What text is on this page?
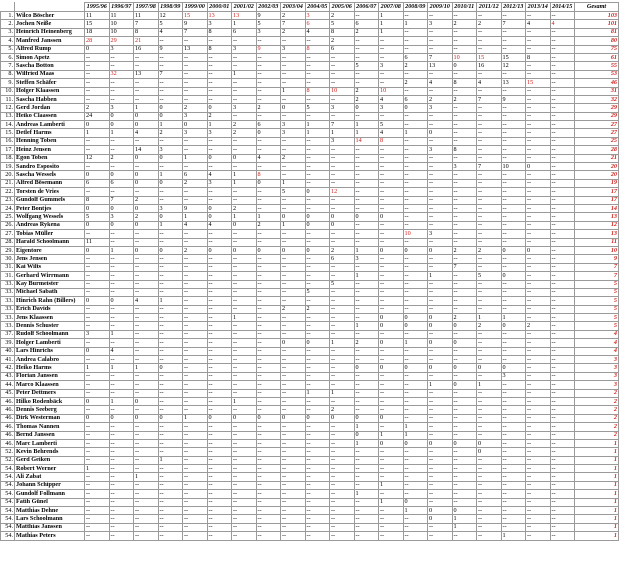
		1995/96	1996/97	1997/98	1998/99	1999/00	2000/01	2001/02	2002/03	2003/04	2004/05	2005/06	2006/07	2007/08	2008/09	2009/10	2010/11	2011/12	2012/13	2013/14	2014/15	Gesamt
1.	Wilco Böscher	11	11	11	12	15	13	13	9	2	3	2	--	1	--	--	--	--	--	--	--	103
2.	Jochen Neiße	15	10	7	5	9	3	1	5	7	6	5	6	1	1	3	2	2	7	4	4	101
3.	Heinrich Heinenberg	18	10	8	4	7	8	6	3	2	4	8	2	1	--	--	--	--	--	--	--	81
4.	Manfred Janssen	28	29	21	--	--	--	--	--	--	--	2	--	--	--	--	--	--	--	--	--	80
5.	Alfred Rump	0	3	16	9	13	8	3	9	3	8	6	--	--	--	--	--	--	--	--	--	75
6.	Simon Apetz	--	--	--	--	--	--	--	--	--	--	--	--	--	6	7	10	15	15	8	--	61
7.	Sascha Botton	--	--	--	--	--	--	--	--	--	--	--	5	3	2	13	0	16	12	--	--	55
8.	Wilfried Maas	--	32	13	7	--	--	1	--	--	--	--	--	--	--	--	--	--	--	--	--	53
9.	Steffen Schäfer	--	--	--	--	--	--	--	--	--	--	--	--	--	2	4	8	4	13	15	--	46
10.	Holger Klaassen	--	--	--	--	--	--	--	--	1	8	10	2	10	--	--	--	--	--	--	--	31
11.	Sascha Habben	--	--	--	--	--	--	--	--	--	--	--	2	4	6	2	2	7	9	--	--	32
12.	Gerd Jordan	2	3	1	0	2	0	3	2	0	5	3	0	3	0	3	--	--	--	--	--	29
13.	Heiko Claassen	24	0	0	0	3	2	--	--	--	--	--	--	--	--	--	--	--	--	--	--	29
14.	Andreas Lamberti	0	0	0	1	0	1	2	6	3	1	7	1	5	--	--	--	--	--	--	--	27
15.	Detlef Harms	1	1	4	2	3	3	2	0	3	1	1	1	4	1	0	--	--	--	--	--	27
16.	Henning Toben	--	--	--	--	--	--	--	--	--	--	3	14	8	--	--	--	--	--	--	--	25
17.	Heinz Jensen	--	--	14	3	--	--	--	--	--	--	--	--	--	--	3	8	--	--	--	--	28
18.	Egon Toben	12	2	0	0	1	0	0	4	2	--	--	--	--	--	--	--	--	--	--	--	21
19.	Sandro Esposito	--	--	--	--	--	--	--	--	--	--	--	--	--	--	--	3	7	10	0	--	20
20.	Sascha Wessels	0	0	0	1	6	4	1	8	--	--	--	--	--	--	--	--	--	--	--	--	20
21.	Alfred Bösemann	6	6	0	0	2	3	1	0	1	--	--	--	--	--	--	--	--	--	--	--	19
22.	Torsten de Vries	--	--	--	--	--	--	--	--	5	0	12	--	--	--	--	--	--	--	--	--	17
23.	Gundolf Gummels	8	7	2	--	--	--	--	--	--	--	--	--	--	--	--	--	--	--	--	--	17
24.	Peter Bontjes	0	0	0	3	9	0	2	--	--	--	--	--	--	--	--	--	--	--	--	--	14
25.	Wolfgang Wessels	5	3	2	0	1	0	1	1	0	0	0	0	0	--	--	--	--	--	--	--	13
26.	Andreas Rykena	0	0	0	1	4	4	0	2	1	0	0	--	--	--	--	--	--	--	--	--	12
27.	Tobias Müller	--	--	--	--	--	--	--	--	--	--	--	--	--	10	3	--	--	--	--	--	13
28.	Harald Schoolmann	11	--	--	--	--	--	--	--	--	--	--	--	--	--	--	--	--	--	--	--	11
29.	Eigentore	0	1	0	0	2	0	0	0	0	0	2	1	0	0	0	2	2	0	0	--	10
30.	Jens Jensen	--	--	--	--	--	--	--	--	--	--	6	3	--	--	--	--	--	--	--	--	9
31.	Kai Wilts	--	--	--	--	--	--	--	--	--	--	--	--	--	--	--	7	--	--	--	--	7
31.	Gerhard Wirrmann	--	--	--	--	--	--	--	--	--	--	--	1	--	--	1	--	5	0	--	--	7
33.	Kay Burmeister	--	--	--	--	--	--	--	--	--	--	5	--	--	--	--	--	--	--	--	--	5
33.	Michael Sabath	--	--	--	--	--	--	--	--	--	5	--	--	--	--	--	--	--	--	--	--	5
33.	Hinrich Rahn (Billers)	0	0	4	1	--	--	--	--	--	--	--	--	--	--	--	--	--	--	--	--	5
33.	Erich Davids	--	--	--	--	--	--	--	--	2	2	--	--	--	--	--	--	--	--	--	--	5
33.	Jens Klaassen	--	--	--	--	--	--	1	--	--	--	--	--	0	0	0	2	1	1	--	--	5
33.	Dennis Schuster	--	--	--	--	--	--	--	--	--	--	--	1	0	0	0	0	2	0	2	--	5
37.	Rudolf Schoolmann	3	1	--	--	--	--	--	--	--	--	--	--	--	--	--	--	--	--	--	--	4
39.	Holger Lamberti	--	--	--	--	--	--	--	--	0	0	1	2	0	1	0	0	--	--	--	--	4
40.	Lars Hinrichs	0	4	--	--	--	--	--	--	--	--	--	--	--	--	--	--	--	--	--	--	4
41.	Andrea Calabro	--	--	--	--	--	--	--	--	--	--	--	--	--	--	--	--	--	--	--	--	3
42.	Heiko Harms	1	1	1	0	--	--	--	--	--	--	--	0	0	0	0	0	0	0	--	--	3
43.	Florian Janssen	--	--	--	--	--	--	--	--	--	--	--	--	--	--	--	--	--	3	--	--	3
44.	Marco Klaassen	--	--	--	--	--	--	--	--	--	--	--	--	--	--	1	0	1	--	--	--	3
45.	Peter Dettmers	--	--	--	--	--	--	--	--	--	1	1	--	--	--	--	--	--	--	--	--	2
46.	Hilko Rodenbäck	0	1	0	--	--	--	1	--	--	--	--	--	--	--	--	--	--	--	--	--	2
46.	Dennis Seeberg	--	--	--	--	--	--	--	--	--	--	2	--	--	--	--	--	--	--	--	--	2
46.	Dirk Westerman	0	0	0	0	1	0	0	0	0	0	0	0	0	--	--	--	--	--	--	--	2
46.	Thomas Nannen	--	--	--	--	--	--	--	--	--	--	--	1	--	1	--	--	--	--	--	--	2
46.	Bernd Janssen	--	--	--	--	--	--	--	--	--	--	--	0	1	1	--	--	--	--	--	--	2
46.	Marc Lamberti	--	--	--	--	--	--	--	--	--	--	--	1	0	0	0	0	0	--	--	--	1
52.	Kevin Behrends	--	--	--	--	--	--	--	--	--	--	--	--	--	--	--	--	0	--	--	--	1
52.	Gerd Geiken	--	--	--	1	--	--	--	--	--	--	--	--	--	--	--	--	--	--	--	--	1
54.	Robert Werner	1	--	--	--	--	--	--	--	--	--	--	--	--	--	--	--	--	--	--	--	1
54.	Ali Zabat	--	--	1	--	--	--	--	--	--	--	--	--	--	--	--	--	--	--	--	--	1
54.	Johann Schipper	--	--	--	--	--	--	--	--	--	--	--	--	1	--	--	--	--	--	--	--	1
54.	Gundolf Follmann	--	--	--	--	--	--	--	--	--	--	--	1	--	--	--	--	--	--	--	--	1
54.	Fatih Günel	--	--	--	--	--	--	--	--	--	--	--	--	1	0	--	--	--	--	--	--	1
54.	Matthias Dehne	--	--	--	--	--	--	--	--	--	--	--	--	--	1	0	0	--	--	--	--	1
54.	Lars Schoolmann	--	--	--	--	--	--	--	--	--	--	--	--	--	--	0	1	--	--	--	--	1
54.	Matthias Janssen	--	--	--	--	--	--	--	--	--	--	--	--	--	--	--	1	--	--	--	--	1
54.	Mathias Peters	--	--	--	--	--	--	--	--	--	--	--	--	--	--	--	--	--	1	--	--	1
